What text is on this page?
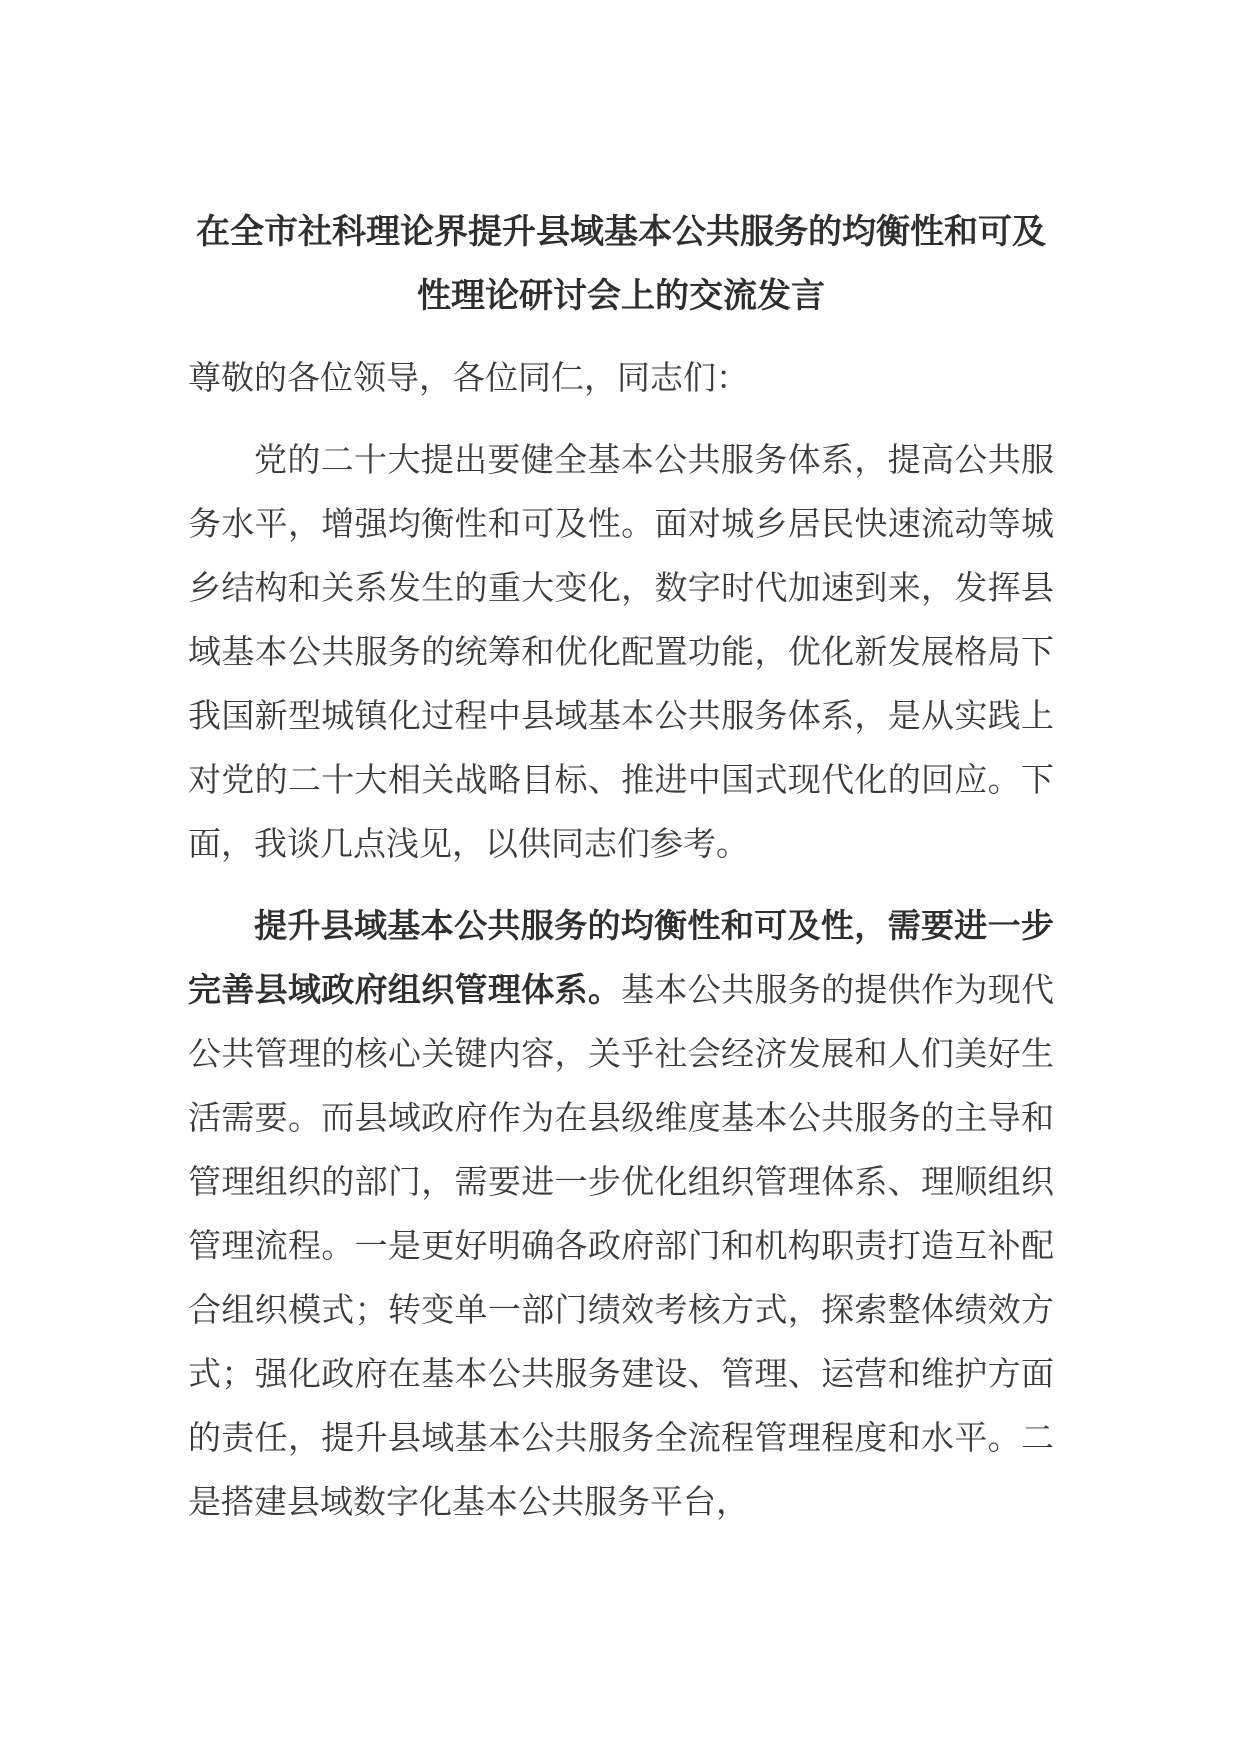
在全市社科理论界提升县域基本公共服务的均衡性和可及
性理论研讨会上的交流发言

尊敬的各位领导，各位同仁，同志们：

党的二十大提出要健全基本公共服务体系，提高公共服务水平，增强均衡性和可及性。面对城乡居民快速流动等城乡结构和关系发生的重大变化，数字时代加速到来，发挥县域基本公共服务的统筹和优化配置功能，优化新发展格局下我国新型城镇化过程中县域基本公共服务体系，是从实践上对党的二十大相关战略目标、推进中国式现代化的回应。下面，我谈几点浅见，以供同志们参考。

提升县域基本公共服务的均衡性和可及性，需要进一步完善县域政府组织管理体系。基本公共服务的提供作为现代公共管理的核心关键内容，关乎社会经济发展和人们美好生活需要。而县域政府作为在县级维度基本公共服务的主导和管理组织的部门，需要进一步优化组织管理体系、理顺组织管理流程。一是更好明确各政府部门和机构职责打造互补配合组织模式；转变单一部门绩效考核方式，探索整体绩效方式；强化政府在基本公共服务建设、管理、运营和维护方面的责任，提升县域基本公共服务全流程管理程度和水平。二是搭建县域数字化基本公共服务平台，
